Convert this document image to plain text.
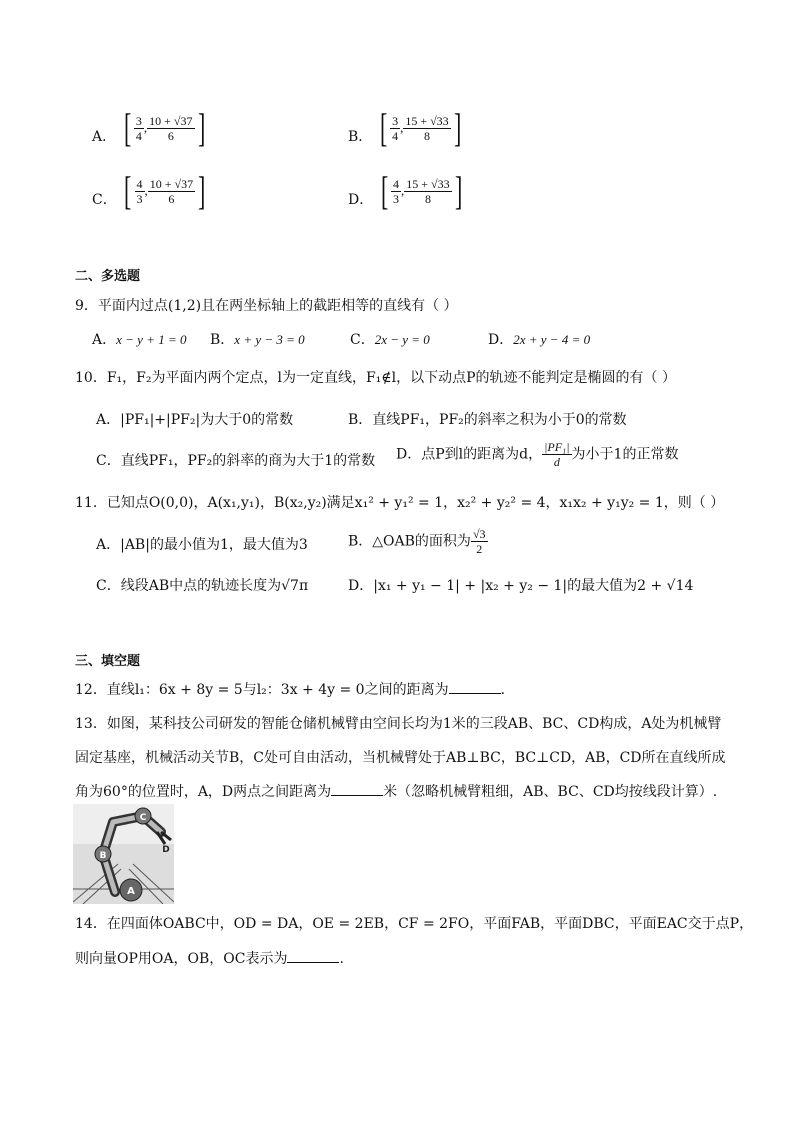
A． [ $\frac{3}{4}$ , $\frac{10 + √37}{6}$ ]	B． [ $\frac{3}{4}$ , $\frac{15 + √33}{8}$ ]
C． [ $\frac{4}{3}$ , $\frac{10 + √37}{6}$ ]	D． [ $\frac{4}{3}$ , $\frac{15 + √33}{8}$ ]
二、多选题
9．平面内过点(1,2)且在两坐标轴上的截距相等的直线有（ ）
A．x − y + 1 = 0 B．x + y − 3 = 0	C．2x − y = 0	D．2x + y − 4 = 0
10．F₁，F₂为平面内两个定点，l为一定直线，F₁∉l，以下动点P的轨迹不能判定是椭圆的有（ ）
A．|PF₁|+|PF₂|为大于0的常数	B．直线PF₁，PF₂的斜率之积为小于0的常数
C．直线PF₁，PF₂的斜率的商为大于1的常数 D．点P到l的距离为d， $\frac{\text{|PF₁|}}{d}$ 为小于1的正常数
11．已知点O(0,0)，A(x₁,y₁)，B(x₂,y₂)满足x₁² + y₁² = 1，x₂² + y₂² = 4，x₁x₂ + y₁y₂ = 1，则（ ）
A．|AB|的最小值为1，最大值为3	B．△OAB的面积为 $\frac{√3}{2}$
C．线段AB中点的轨迹长度为√7π	D．|x₁ + y₁ − 1| + |x₂ + y₂ − 1|的最大值为2 + √14
三、填空题
12．直线l₁：6x + 8y = 5与l₂：3x + 4y = 0之间的距离为	.
13．如图，某科技公司研发的智能仓储机械臂由空间长均为1米的三段AB、BC、CD构成，A处为机械臂
固定基座，机械活动关节B，C处可自由活动，当机械臂处于AB⊥BC，BC⊥CD，AB，CD所在直线所成
角为60°的位置时，A，D两点之间距离为	米（忽略机械臂粗细，AB、BC、CD均按线段计算）.
A
B
C
D
14．在四面体OABC中，OD = DA，OE = 2EB，CF = 2FO，平面FAB，平面DBC，平面EAC交于点P，
则向量OP用OA，OB，OC表示为	.
